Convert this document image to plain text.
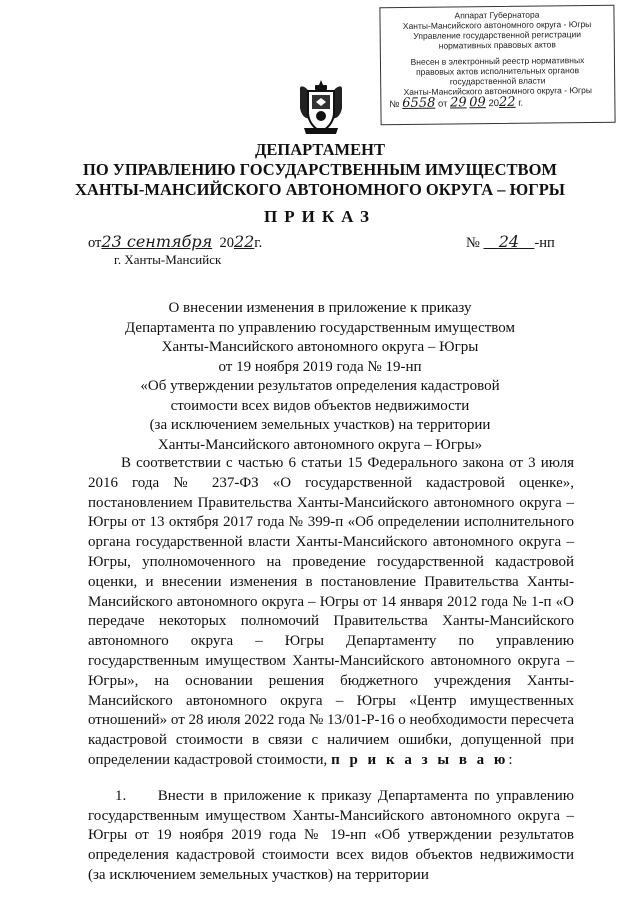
Аппарат Губернатора
Ханты-Мансийского автономного округа - Югры
Управление государственной регистрации
нормативных правовых актов
Внесен в электронный реестр нормативных
правовых актов исполнительных органов
государственной власти
Ханты-Мансийского автономного округа - Югры
№ 6558 от 29 09 2022 г.
ДЕПАРТАМЕНТ
ПО УПРАВЛЕНИЮ ГОСУДАРСТВЕННЫМ ИМУЩЕСТВОМ
ХАНТЫ-МАНСИЙСКОГО АВТОНОМНОГО ОКРУГА – ЮГРЫ
ПРИКАЗ
от23 сентября 2022г.	№ 24 -нп
г. Ханты-Мансийск
О внесении изменения в приложение к приказу
Департамента по управлению государственным имуществом
Ханты-Мансийского автономного округа – Югры
от 19 ноября 2019 года № 19-нп
«Об утверждении результатов определения кадастровой
стоимости всех видов объектов недвижимости
(за исключением земельных участков) на территории
Ханты-Мансийского автономного округа – Югры»

В соответствии с частью 6 статьи 15 Федерального закона от 3 июля 2016 года № 237-ФЗ «О государственной кадастровой оценке», постановлением Правительства Ханты-Мансийского автономного округа – Югры от 13 октября 2017 года № 399-п «Об определении исполнительного органа государственной власти Ханты-Мансийского автономного округа – Югры, уполномоченного на проведение государственной кадастровой оценки, и внесении изменения в постановление Правительства Ханты-Мансийского автономного округа – Югры от 14 января 2012 года № 1-п «О передаче некоторых полномочий Правительства Ханты-Мансийского автономного округа – Югры Департаменту по управлению государственным имуществом Ханты-Мансийского автономного округа – Югры», на основании решения бюджетного учреждения Ханты-Мансийского автономного округа – Югры «Центр имущественных отношений» от 28 июля 2022 года № 13/01-Р-16 о необходимости пересчета кадастровой стоимости в связи с наличием ошибки, допущенной при определении кадастровой стоимости, п р и к а з ы в а ю:

1. Внести в приложение к приказу Департамента по управлению государственным имуществом Ханты-Мансийского автономного округа – Югры от 19 ноября 2019 года № 19-нп «Об утверждении результатов определения кадастровой стоимости всех видов объектов недвижимости (за исключением земельных участков) на территории
